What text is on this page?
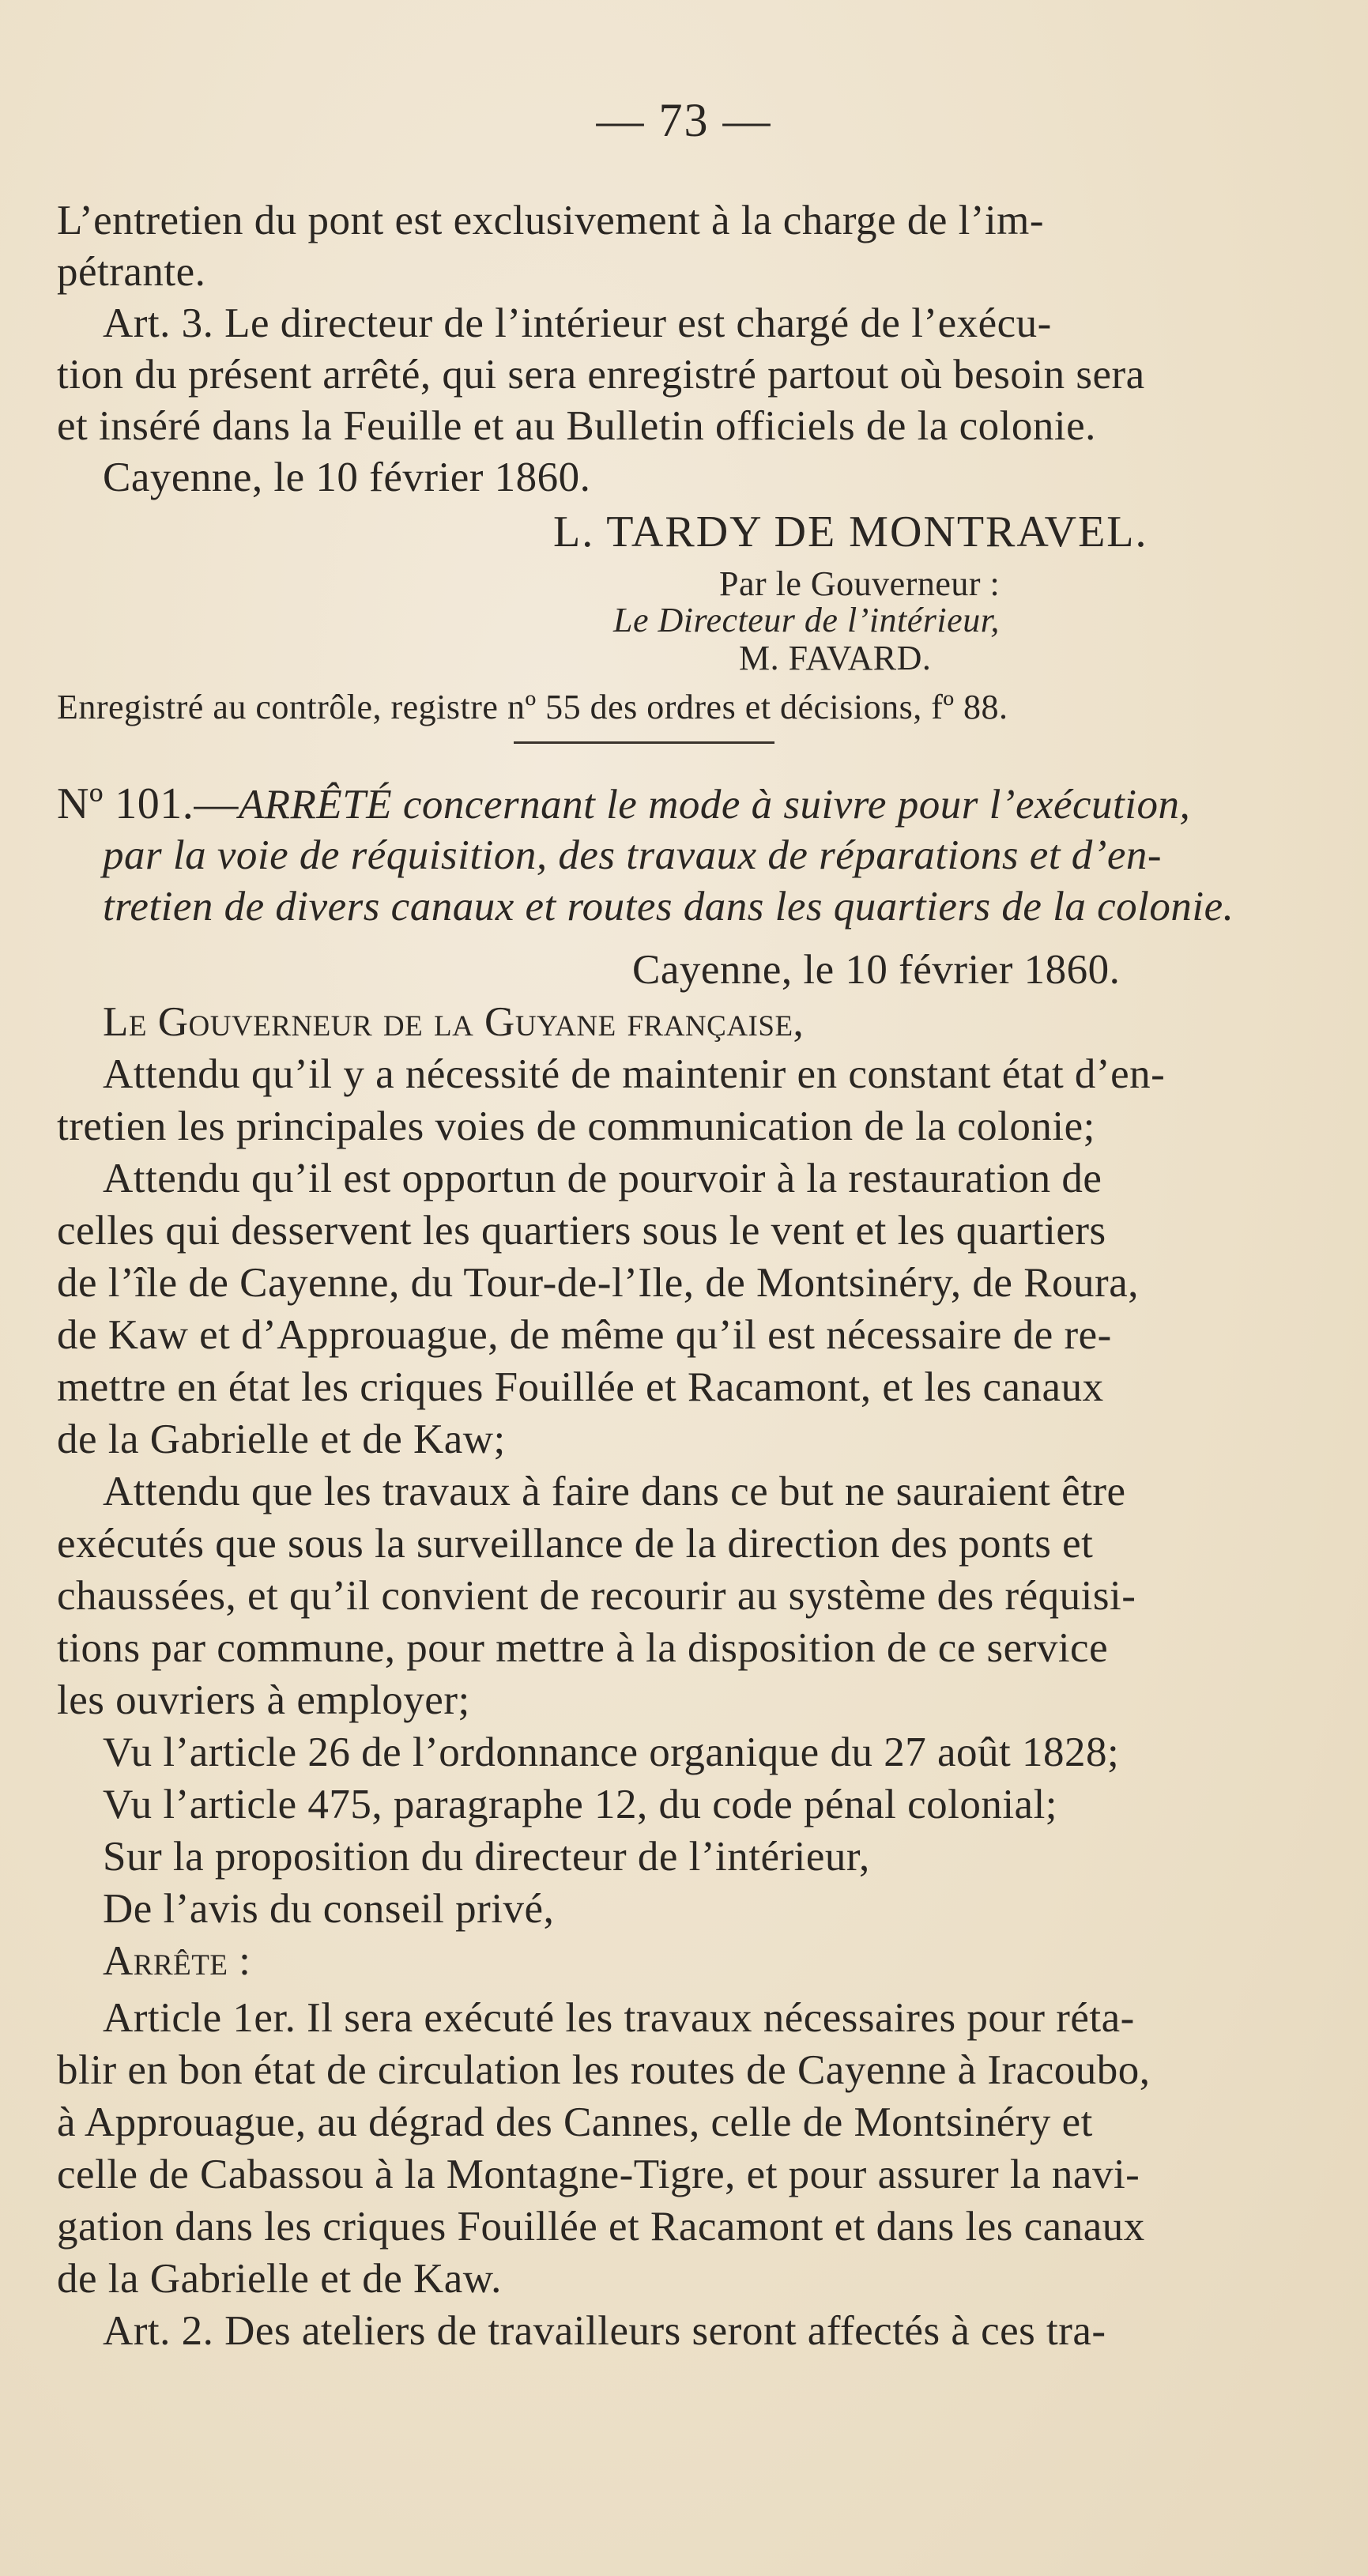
— 73 —
L’entretien du pont est exclusivement à la charge de l’im-
pétrante.
Art. 3. Le directeur de l’intérieur est chargé de l’exécu-
tion du présent arrêté, qui sera enregistré partout où besoin sera
et inséré dans la Feuille et au Bulletin officiels de la colonie.
Cayenne, le 10 février 1860.
L. TARDY DE MONTRAVEL.
Par le Gouverneur :
Le Directeur de l’intérieur,
M. FAVARD.
Enregistré au contrôle, registre nº 55 des ordres et décisions, fº 88.
Nº 101.—ARRÊTÉ concernant le mode à suivre pour l’exécution,
par la voie de réquisition, des travaux de réparations et d’en-
tretien de divers canaux et routes dans les quartiers de la colonie.
Cayenne, le 10 février 1860.
Le Gouverneur de la Guyane française,
Attendu qu’il y a nécessité de maintenir en constant état d’en-
tretien les principales voies de communication de la colonie;
Attendu qu’il est opportun de pourvoir à la restauration de
celles qui desservent les quartiers sous le vent et les quartiers
de l’île de Cayenne, du Tour-de-l’Ile, de Montsinéry, de Roura,
de Kaw et d’Approuague, de même qu’il est nécessaire de re-
mettre en état les criques Fouillée et Racamont, et les canaux
de la Gabrielle et de Kaw;
Attendu que les travaux à faire dans ce but ne sauraient être
exécutés que sous la surveillance de la direction des ponts et
chaussées, et qu’il convient de recourir au système des réquisi-
tions par commune, pour mettre à la disposition de ce service
les ouvriers à employer;
Vu l’article 26 de l’ordonnance organique du 27 août 1828;
Vu l’article 475, paragraphe 12, du code pénal colonial;
Sur la proposition du directeur de l’intérieur,
De l’avis du conseil privé,
Arrête :
Article 1er. Il sera exécuté les travaux nécessaires pour réta-
blir en bon état de circulation les routes de Cayenne à Iracoubo,
à Approuague, au dégrad des Cannes, celle de Montsinéry et
celle de Cabassou à la Montagne-Tigre, et pour assurer la navi-
gation dans les criques Fouillée et Racamont et dans les canaux
de la Gabrielle et de Kaw.
Art. 2. Des ateliers de travailleurs seront affectés à ces tra-
